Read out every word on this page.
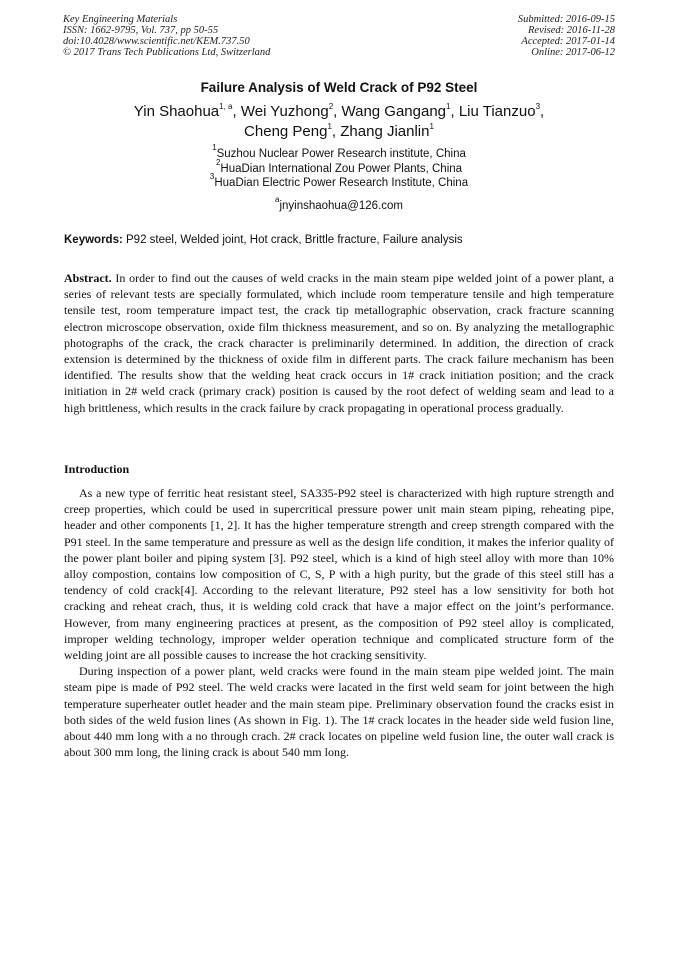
Key Engineering Materials
ISSN: 1662-9795, Vol. 737, pp 50-55
doi:10.4028/www.scientific.net/KEM.737.50
© 2017 Trans Tech Publications Ltd, Switzerland
Submitted: 2016-09-15
Revised: 2016-11-28
Accepted: 2017-01-14
Online: 2017-06-12
Failure Analysis of Weld Crack of P92 Steel
Yin Shaohua$^{1, a}$, Wei Yuzhong$^2$, Wang Gangang$^1$, Liu Tianzuo$^3$,
Cheng Peng$^1$, Zhang Jianlin$^1$
$^1$Suzhou Nuclear Power Research institute, China
$^2$HuaDian International Zou Power Plants, China
$^3$HuaDian Electric Power Research Institute, China
$^a$jnyinshaohua@126.com
Keywords: P92 steel, Welded joint, Hot crack, Brittle fracture, Failure analysis
Abstract. In order to find out the causes of weld cracks in the main steam pipe welded joint of a power plant, a series of relevant tests are specially formulated, which include room temperature tensile and high temperature tensile test, room temperature impact test, the crack tip metallographic observation, crack fracture scanning electron microscope observation, oxide film thickness measurement, and so on. By analyzing the metallographic photographs of the crack, the crack character is preliminarily determined. In addition, the direction of crack extension is determined by the thickness of oxide film in different parts. The crack failure mechanism has been identified. The results show that the welding heat crack occurs in 1# crack initiation position; and the crack initiation in 2# weld crack (primary crack) position is caused by the root defect of welding seam and lead to a high brittleness, which results in the crack failure by crack propagating in operational process gradually.
Introduction

As a new type of ferritic heat resistant steel, SA335-P92 steel is characterized with high rupture strength and creep properties, which could be used in supercritical pressure power unit main steam piping, reheating pipe, header and other components [1, 2]. It has the higher temperature strength and creep strength compared with the P91 steel. In the same temperature and pressure as well as the design life condition, it makes the inferior quality of the power plant boiler and piping system [3]. P92 steel, which is a kind of high steel alloy with more than 10% alloy compostion, contains low composition of C, S, P with a high purity, but the grade of this steel still has a tendency of cold crack[4]. According to the relevant literature, P92 steel has a low sensitivity for both hot cracking and reheat crach, thus, it is welding cold crack that have a major effect on the joint’s performance. However, from many engineering practices at present, as the composition of P92 steel alloy is complicated, improper welding technology, improper welder operation technique and complicated structure form of the welding joint are all possible causes to increase the hot cracking sensitivity.

During inspection of a power plant, weld cracks were found in the main steam pipe welded joint. The main steam pipe is made of P92 steel. The weld cracks were lacated in the first weld seam for joint between the high temperature superheater outlet header and the main steam pipe. Preliminary observation found the cracks esist in both sides of the weld fusion lines (As shown in Fig. 1). The 1# crack locates in the header side weld fusion line, about 440 mm long with a no through crach. 2# crack locates on pipeline weld fusion line, the outer wall crack is about 300 mm long, the lining crack is about 540 mm long.
